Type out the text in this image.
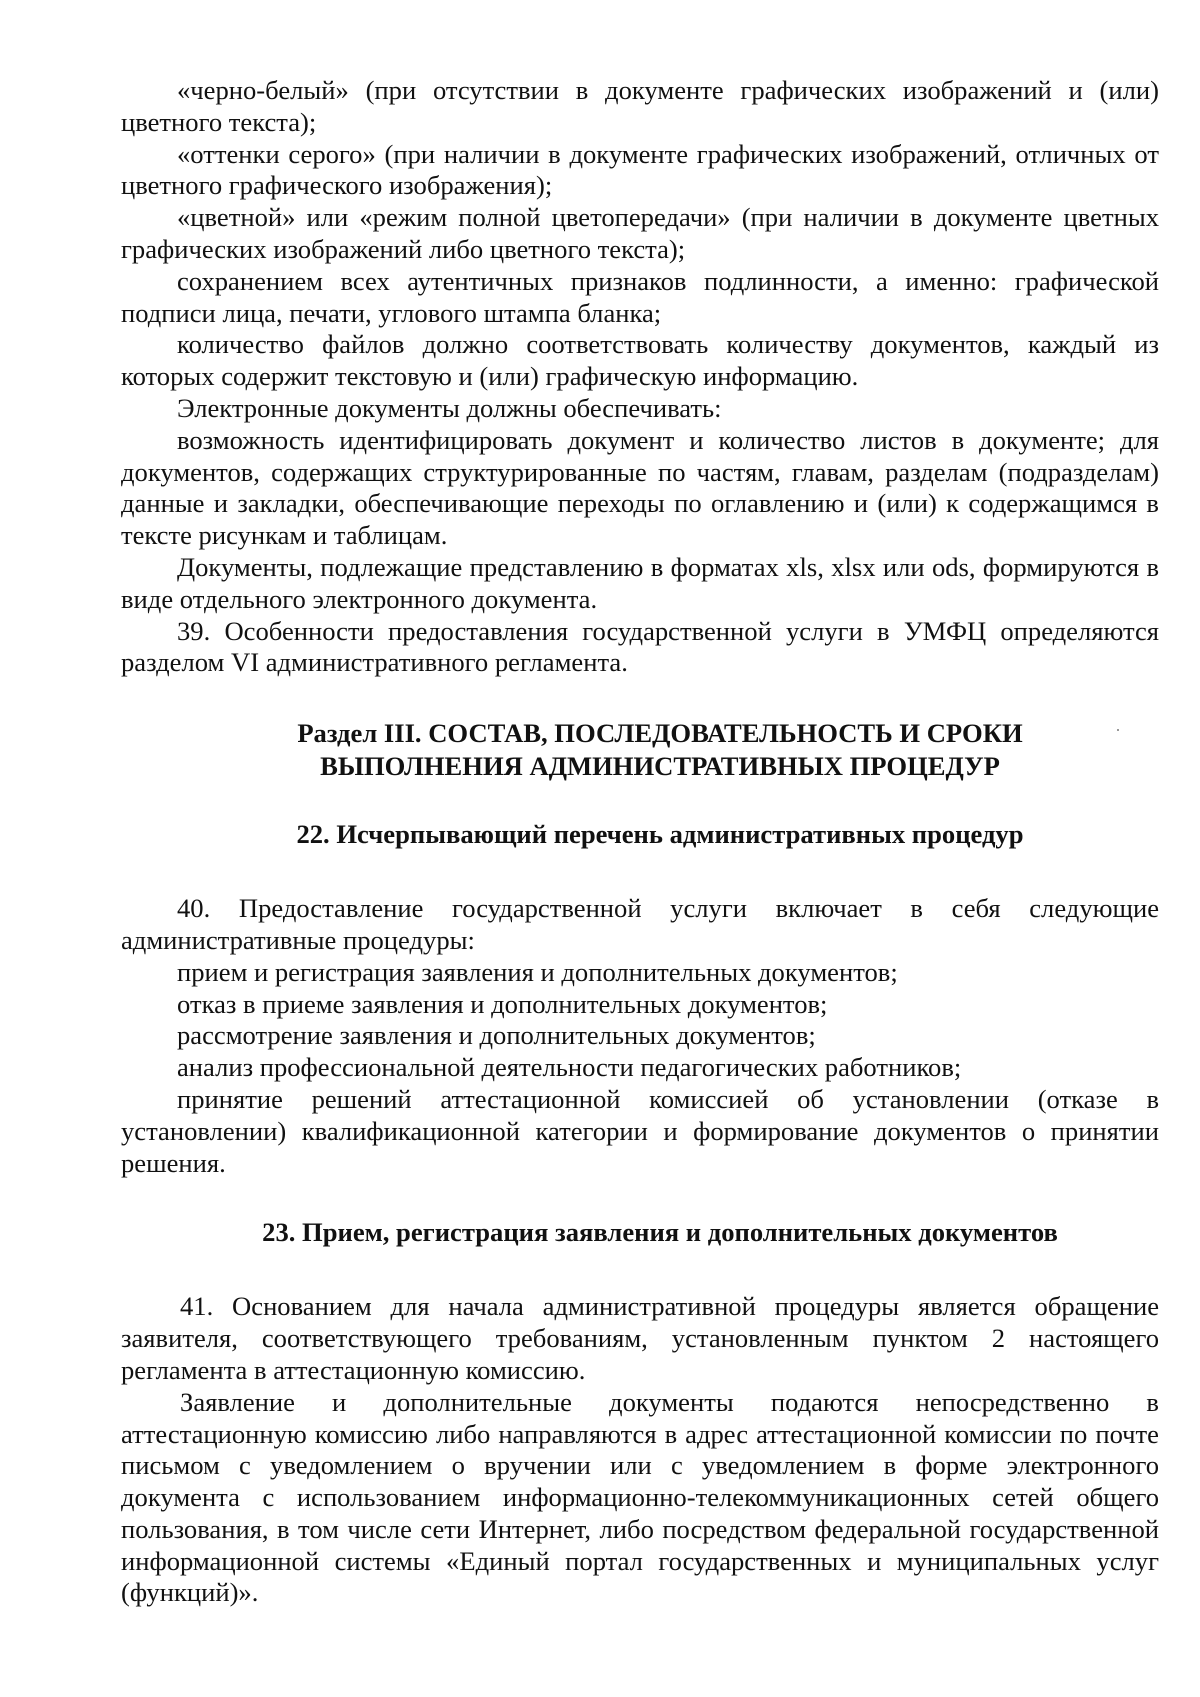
«черно-белый» (при отсутствии в документе графических изображений и (или) цветного текста);

«оттенки серого» (при наличии в документе графических изображений, отличных от цветного графического изображения);

«цветной» или «режим полной цветопередачи» (при наличии в документе цветных графических изображений либо цветного текста);

сохранением всех аутентичных признаков подлинности, а именно: графической подписи лица, печати, углового штампа бланка;

количество файлов должно соответствовать количеству документов, каждый из которых содержит текстовую и (или) графическую информацию.

Электронные документы должны обеспечивать:

возможность идентифицировать документ и количество листов в документе; для документов, содержащих структурированные по частям, главам, разделам (подразделам) данные и закладки, обеспечивающие переходы по оглавлению и (или) к содержащимся в тексте рисункам и таблицам.

Документы, подлежащие представлению в форматах xls, xlsx или ods, формируются в виде отдельного электронного документа.

39. Особенности предоставления государственной услуги в УМФЦ определяются разделом VI административного регламента.

Раздел III. СОСТАВ, ПОСЛЕДОВАТЕЛЬНОСТЬ И СРОКИ
ВЫПОЛНЕНИЯ АДМИНИСТРАТИВНЫХ ПРОЦЕДУР
22. Исчерпывающий перечень административных процедур

40. Предоставление государственной услуги включает в себя следующие административные процедуры:

прием и регистрация заявления и дополнительных документов;

отказ в приеме заявления и дополнительных документов;

рассмотрение заявления и дополнительных документов;

анализ профессиональной деятельности педагогических работников;

принятие решений аттестационной комиссией об установлении (отказе в установлении) квалификационной категории и формирование документов о принятии решения.

23. Прием, регистрация заявления и дополнительных документов

41. Основанием для начала административной процедуры является обращение заявителя, соответствующего требованиям, установленным пунктом 2 настоящего регламента в аттестационную комиссию.

Заявление и дополнительные документы подаются непосредственно в аттестационную комиссию либо направляются в адрес аттестационной комиссии по почте письмом с уведомлением о вручении или с уведомлением в форме электронного документа с использованием информационно-телекоммуникационных сетей общего пользования, в том числе сети Интернет, либо посредством федеральной государственной информационной системы «Единый портал государственных и муниципальных услуг (функций)».
